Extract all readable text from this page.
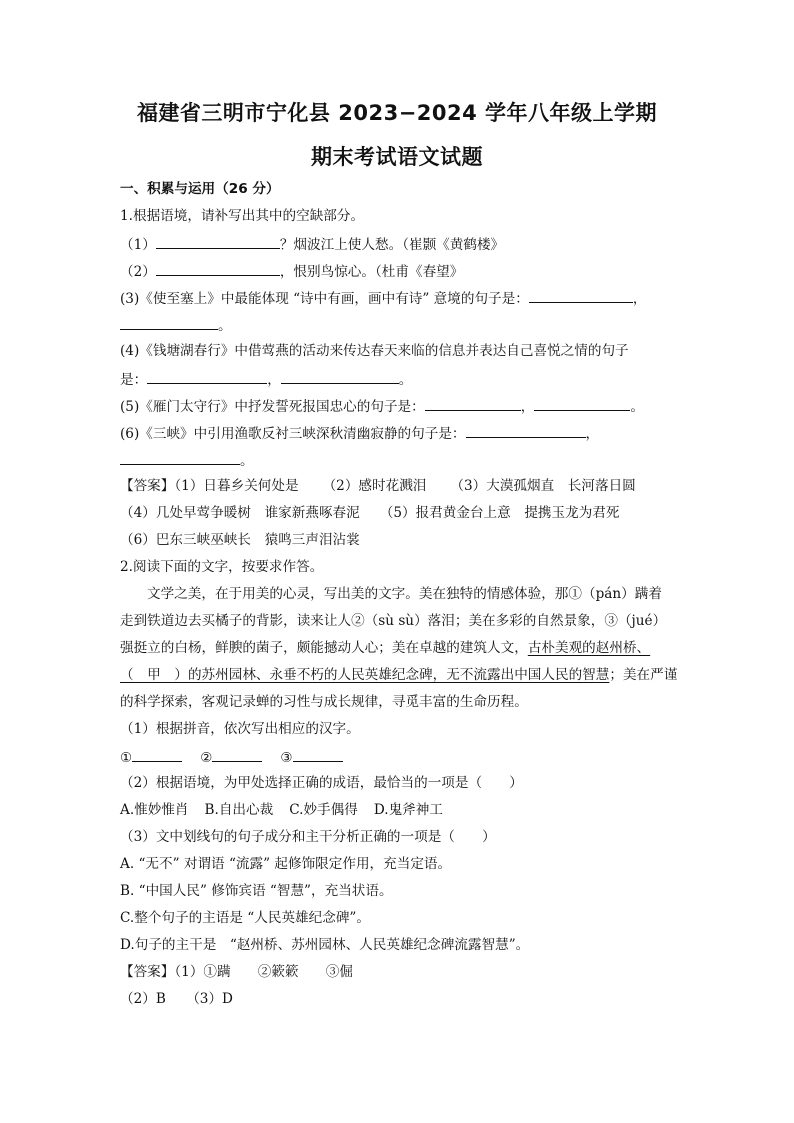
福建省三明市宁化县 2023−2024 学年八年级上学期
期末考试语文试题
一、积累与运用（26 分）
1.根据语境，请补写出其中的空缺部分。
（1）	？烟波江上使人愁。（崔颢《黄鹤楼》
（2）	，恨别鸟惊心。（杜甫《春望》
(3)《使至塞上》中最能体现 “诗中有画，画中有诗” 意境的句子是：	，
。
(4)《钱塘湖春行》中借莺燕的活动来传达春天来临的信息并表达自己喜悦之情的句子
是：	，	。
(5)《雁门太守行》中抒发誓死报国忠心的句子是：	，	。
(6)《三峡》中引用渔歌反衬三峡深秋清幽寂静的句子是：	，
。
【答案】（1）日暮乡关何处是 （2）感时花溅泪 （3）大漠孤烟直　长河落日圆
（4）几处早莺争暖树　谁家新燕啄春泥 （5）报君黄金台上意　提携玉龙为君死
（6）巴东三峡巫峡长　猿鸣三声泪沾裳
2.阅读下面的文字，按要求作答。
文学之美，在于用美的心灵，写出美的文字。美在独特的情感体验，那①（pán）蹒着
走到铁道边去买橘子的背影，读来让人②（sù sù）落泪；美在多彩的自然景象，③（jué）
强挺立的白杨，鲜腴的菌子，颇能撼动人心；美在卓越的建筑人文，古朴美观的赵州桥、
（　甲　）的苏州园林、永垂不朽的人民英雄纪念碑，无不流露出中国人民的智慧；美在严谨
的科学探索，客观记录蝉的习性与成长规律，寻觅丰富的生命历程。
（1）根据拼音，依次写出相应的汉字。
①	②	③
（2）根据语境，为甲处选择正确的成语，最恰当的一项是（　　）
A.惟妙惟肖 B.自出心裁 C.妙手偶得 D.鬼斧神工
（3）文中划线句的句子成分和主干分析正确的一项是（　　）
A. “无不” 对谓语 “流露” 起修饰限定作用，充当定语。
B. “中国人民” 修饰宾语 “智慧”，充当状语。
C.整个句子的主语是 “人民英雄纪念碑”。
D.句子的主干是　“赵州桥、苏州园林、人民英雄纪念碑流露智慧”。
【答案】（1）①蹒　　②簌簌　　③倔
（2）B　　（3）D
